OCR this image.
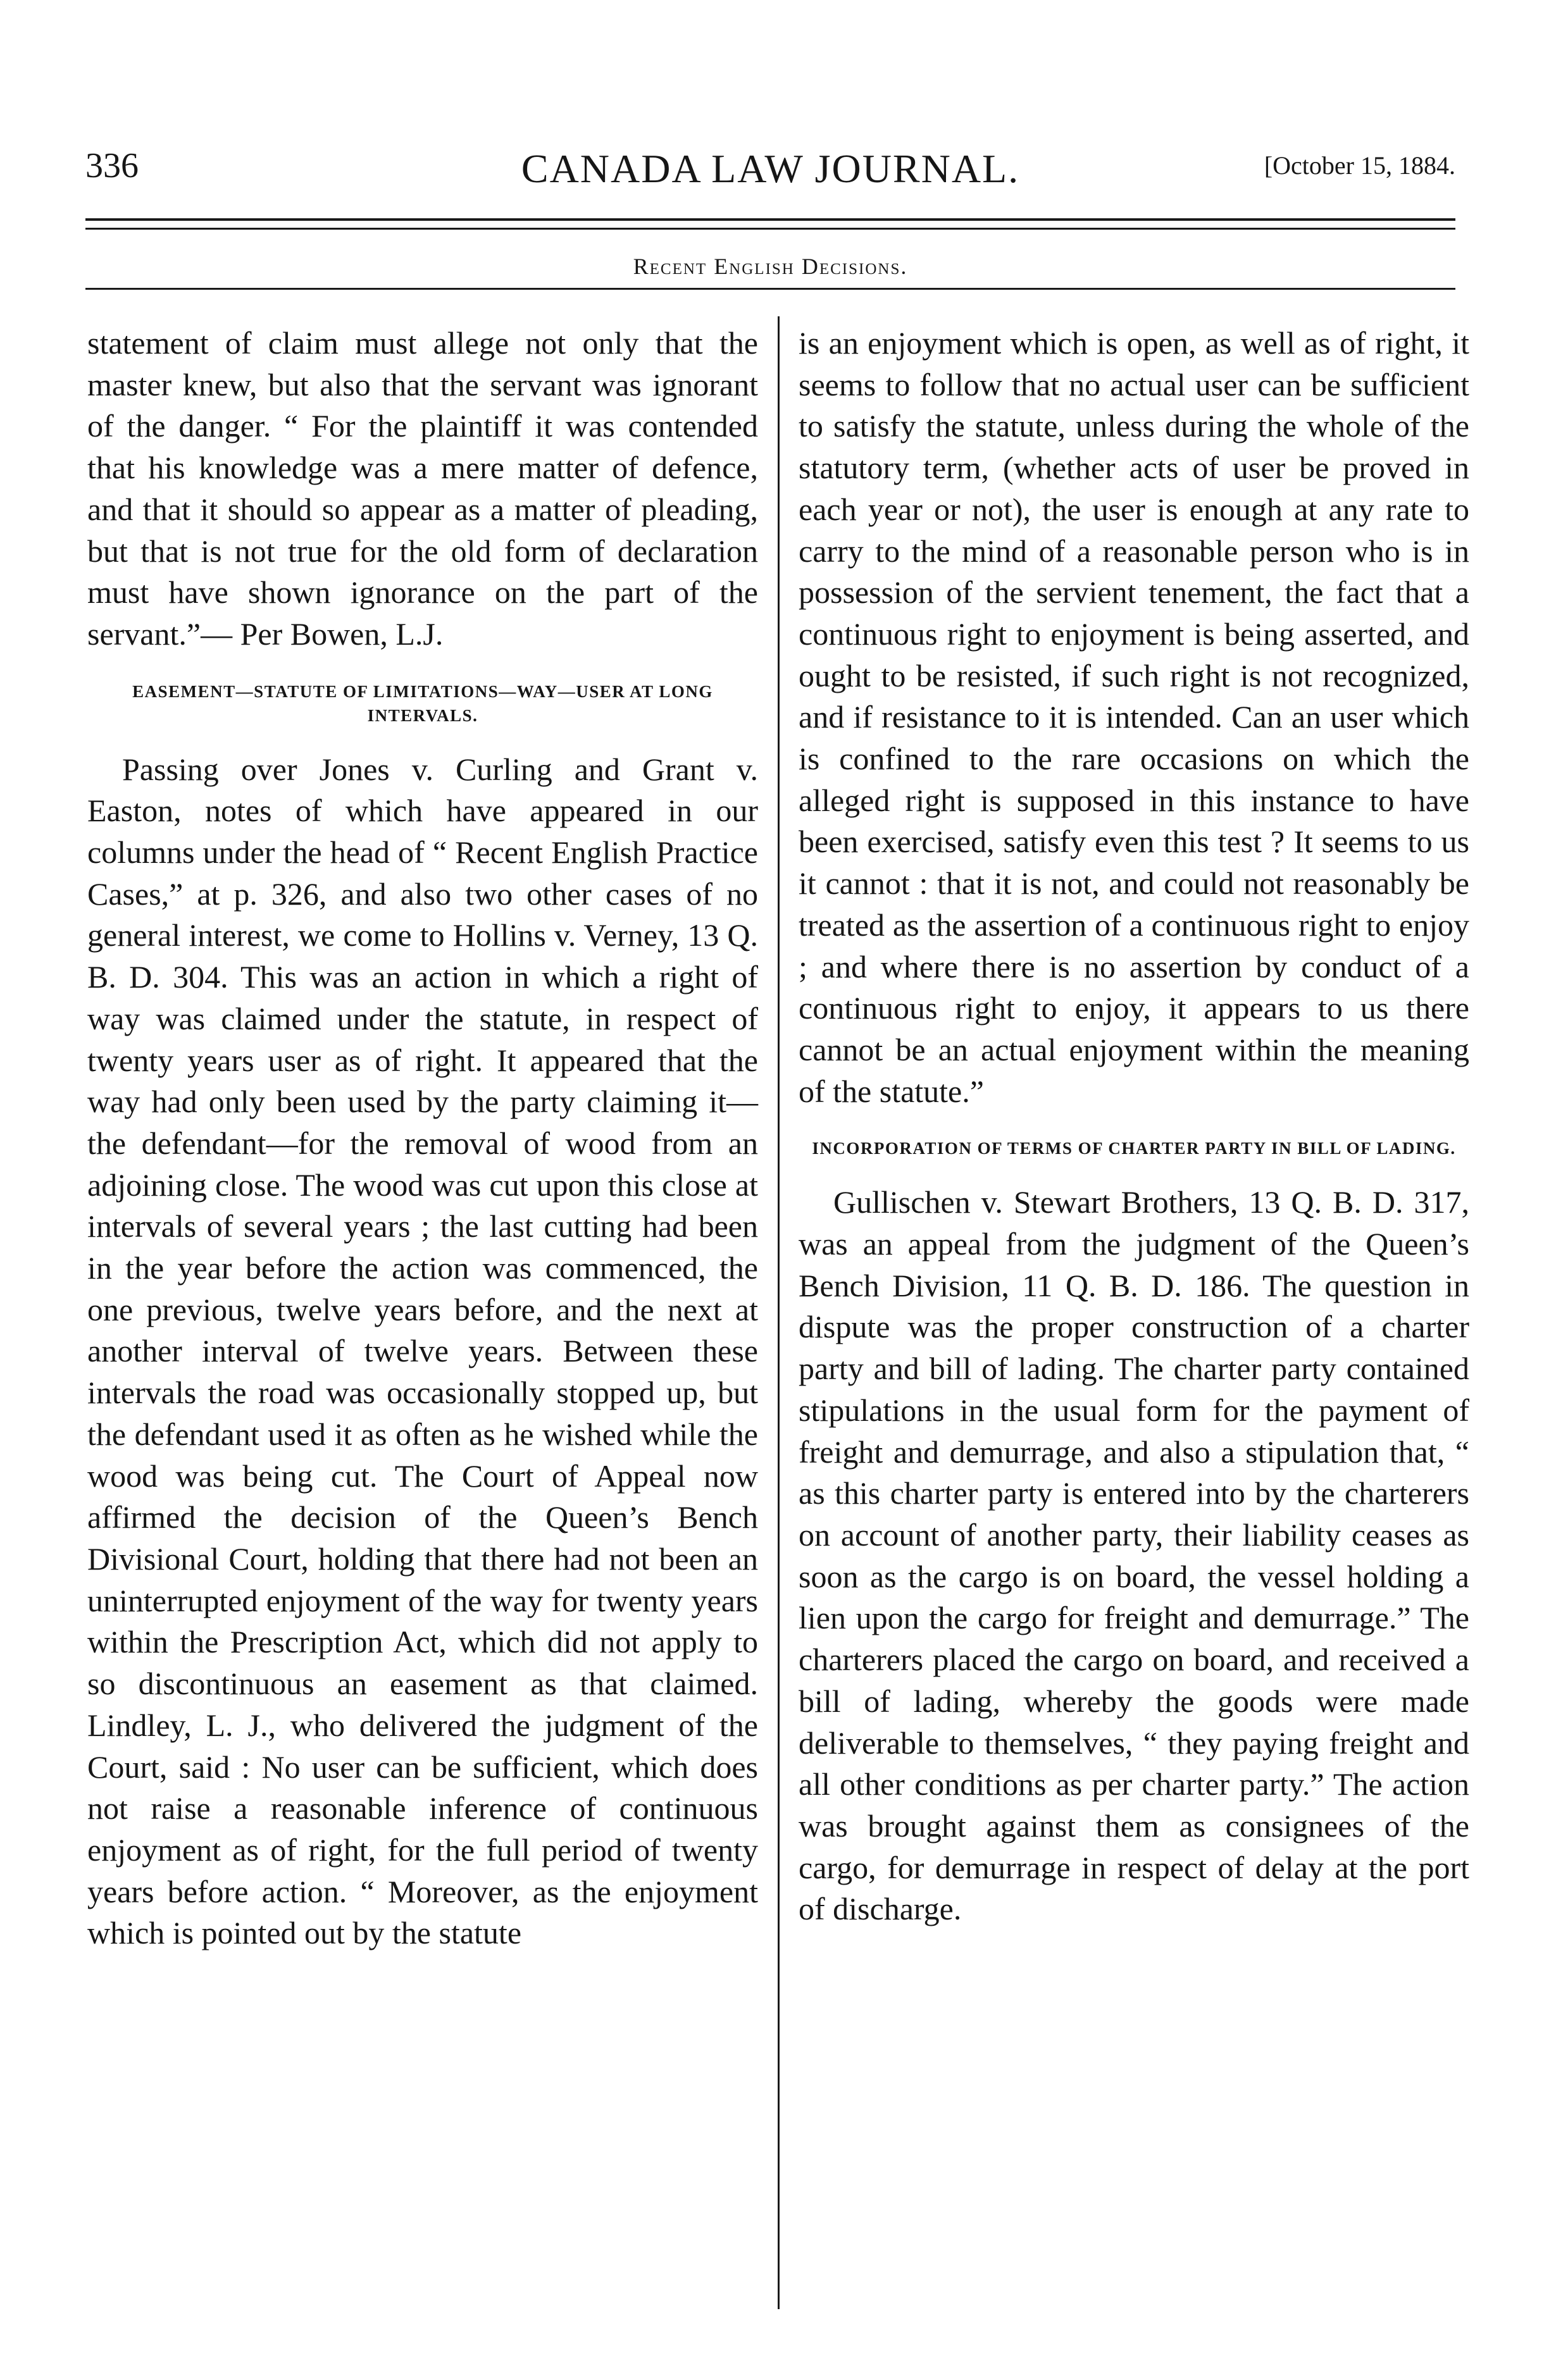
336	CANADA LAW JOURNAL.	[October 15, 1884.
Recent English Decisions.

statement of claim must allege not only that the master knew, but also that the servant was ignorant of the danger. “ For the plaintiff it was contended that his knowledge was a mere matter of defence, and that it should so appear as a matter of pleading, but that is not true for the old form of declaration must have shown ignorance on the part of the servant.”— Per Bowen, L.J.

EASEMENT—STATUTE OF LIMITATIONS—WAY—USER AT LONG INTERVALS.

Passing over Jones v. Curling and Grant v. Easton, notes of which have appeared in our columns under the head of “ Recent English Practice Cases,” at p. 326, and also two other cases of no general interest, we come to Hollins v. Verney, 13 Q. B. D. 304. This was an action in which a right of way was claimed under the statute, in respect of twenty years user as of right. It appeared that the way had only been used by the party claiming it—the defendant—for the removal of wood from an adjoining close. The wood was cut upon this close at intervals of several years ; the last cutting had been in the year before the action was commenced, the one previous, twelve years before, and the next at another interval of twelve years. Between these intervals the road was occasionally stopped up, but the defendant used it as often as he wished while the wood was being cut. The Court of Appeal now affirmed the decision of the Queen’s Bench Divisional Court, holding that there had not been an uninterrupted enjoyment of the way for twenty years within the Prescription Act, which did not apply to so discontinuous an easement as that claimed. Lindley, L. J., who delivered the judgment of the Court, said : No user can be sufficient, which does not raise a reasonable inference of continuous enjoyment as of right, for the full period of twenty years before action. “ Moreover, as the enjoyment which is pointed out by the statute

is an enjoyment which is open, as well as of right, it seems to follow that no actual user can be sufficient to satisfy the statute, unless during the whole of the statutory term, (whether acts of user be proved in each year or not), the user is enough at any rate to carry to the mind of a reasonable person who is in possession of the servient tenement, the fact that a continuous right to enjoyment is being asserted, and ought to be resisted, if such right is not recognized, and if resistance to it is intended. Can an user which is confined to the rare occasions on which the alleged right is supposed in this instance to have been exercised, satisfy even this test ? It seems to us it cannot : that it is not, and could not reasonably be treated as the assertion of a continuous right to enjoy ; and where there is no assertion by conduct of a continuous right to enjoy, it appears to us there cannot be an actual enjoyment within the meaning of the statute.”

INCORPORATION OF TERMS OF CHARTER PARTY IN BILL OF LADING.

Gullischen v. Stewart Brothers, 13 Q. B. D. 317, was an appeal from the judgment of the Queen’s Bench Division, 11 Q. B. D. 186. The question in dispute was the proper construction of a charter party and bill of lading. The charter party contained stipulations in the usual form for the payment of freight and demurrage, and also a stipulation that, “ as this charter party is entered into by the charterers on account of another party, their liability ceases as soon as the cargo is on board, the vessel holding a lien upon the cargo for freight and demurrage.” The charterers placed the cargo on board, and received a bill of lading, whereby the goods were made deliverable to themselves, “ they paying freight and all other conditions as per charter party.” The action was brought against them as consignees of the cargo, for demurrage in respect of delay at the port of discharge.
